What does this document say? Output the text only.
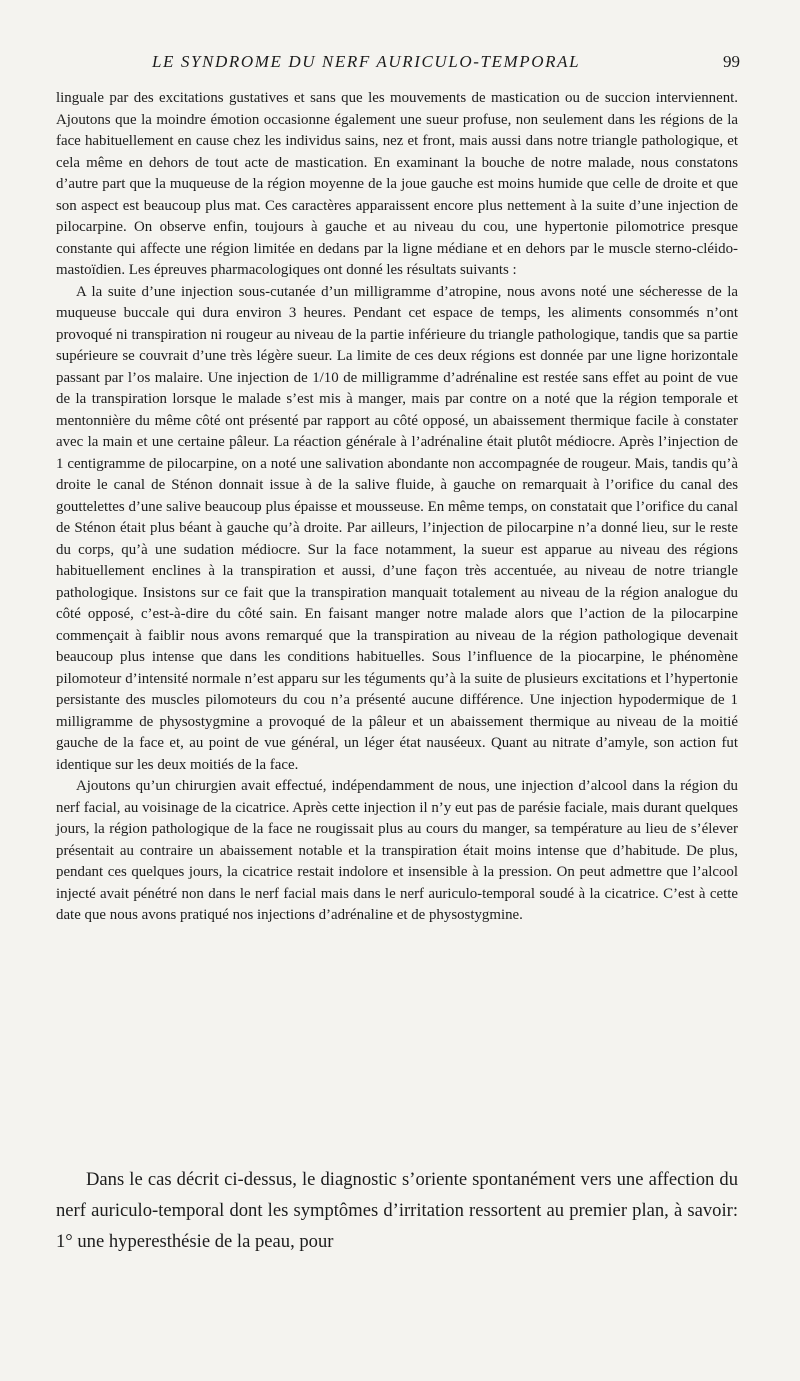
LE SYNDROME DU NERF AURICULO-TEMPORAL	99

linguale par des excitations gustatives et sans que les mouvements de mastication ou de succion interviennent. Ajoutons que la moindre émotion occasionne également une sueur profuse, non seulement dans les régions de la face habituellement en cause chez les individus sains, nez et front, mais aussi dans notre triangle pathologique, et cela même en dehors de tout acte de mastication. En examinant la bouche de notre malade, nous constatons d’autre part que la muqueuse de la région moyenne de la joue gauche est moins humide que celle de droite et que son aspect est beaucoup plus mat. Ces caractères apparaissent encore plus nettement à la suite d’une injection de pilocarpine. On observe enfin, toujours à gauche et au niveau du cou, une hypertonie pilomotrice presque constante qui affecte une région limitée en dedans par la ligne médiane et en dehors par le muscle sterno-cléido-mastoïdien. Les épreuves pharmacologiques ont donné les résultats suivants :

A la suite d’une injection sous-cutanée d’un milligramme d’atropine, nous avons noté une sécheresse de la muqueuse buccale qui dura environ 3 heures. Pendant cet espace de temps, les aliments consommés n’ont provoqué ni transpiration ni rougeur au niveau de la partie inférieure du triangle pathologique, tandis que sa partie supérieure se couvrait d’une très légère sueur. La limite de ces deux régions est donnée par une ligne horizontale passant par l’os malaire. Une injection de 1/10 de milligramme d’adrénaline est restée sans effet au point de vue de la transpiration lorsque le malade s’est mis à manger, mais par contre on a noté que la région temporale et mentonnière du même côté ont présenté par rapport au côté opposé, un abaissement thermique facile à constater avec la main et une certaine pâleur. La réaction générale à l’adrénaline était plutôt médiocre. Après l’injection de 1 centigramme de pilocarpine, on a noté une salivation abondante non accompagnée de rougeur. Mais, tandis qu’à droite le canal de Sténon donnait issue à de la salive fluide, à gauche on remarquait à l’orifice du canal des gouttelettes d’une salive beaucoup plus épaisse et mousseuse. En même temps, on constatait que l’orifice du canal de Sténon était plus béant à gauche qu’à droite. Par ailleurs, l’injection de pilocarpine n’a donné lieu, sur le reste du corps, qu’à une sudation médiocre. Sur la face notamment, la sueur est apparue au niveau des régions habituellement enclines à la transpiration et aussi, d’une façon très accentuée, au niveau de notre triangle pathologique. Insistons sur ce fait que la transpiration manquait totalement au niveau de la région analogue du côté opposé, c’est-à-dire du côté sain. En faisant manger notre malade alors que l’action de la pilocarpine commençait à faiblir nous avons remarqué que la transpiration au niveau de la région pathologique devenait beaucoup plus intense que dans les conditions habituelles. Sous l’influence de la piocarpine, le phénomène pilomoteur d’intensité normale n’est apparu sur les téguments qu’à la suite de plusieurs excitations et l’hypertonie persistante des muscles pilomoteurs du cou n’a présenté aucune différence. Une injection hypodermique de 1 milligramme de physostygmine a provoqué de la pâleur et un abaissement thermique au niveau de la moitié gauche de la face et, au point de vue général, un léger état nauséeux. Quant au nitrate d’amyle, son action fut identique sur les deux moitiés de la face.

Ajoutons qu’un chirurgien avait effectué, indépendamment de nous, une injection d’alcool dans la région du nerf facial, au voisinage de la cicatrice. Après cette injection il n’y eut pas de parésie faciale, mais durant quelques jours, la région pathologique de la face ne rougissait plus au cours du manger, sa température au lieu de s’élever présentait au contraire un abaissement notable et la transpiration était moins intense que d’habitude. De plus, pendant ces quelques jours, la cicatrice restait indolore et insensible à la pression. On peut admettre que l’alcool injecté avait pénétré non dans le nerf facial mais dans le nerf auriculo-temporal soudé à la cicatrice. C’est à cette date que nous avons pratiqué nos injections d’adrénaline et de physostygmine.

Dans le cas décrit ci-dessus, le diagnostic s’oriente spontanément vers une affection du nerf auriculo-temporal dont les symptômes d’irritation ressortent au premier plan, à savoir: 1° une hyperesthésie de la peau, pour
